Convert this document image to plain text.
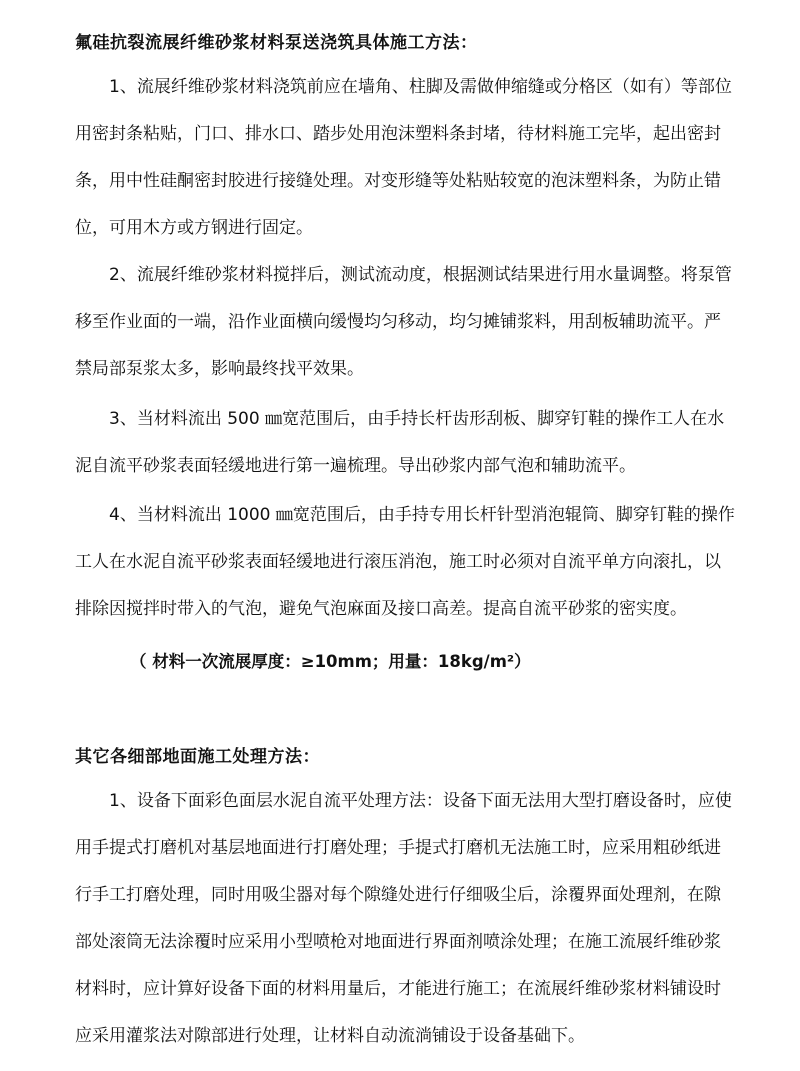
氟硅抗裂流展纤维砂浆材料泵送浇筑具体施工方法：
1、流展纤维砂浆材料浇筑前应在墙角、柱脚及需做伸缩缝或分格区（如有）等部位
用密封条粘贴，门口、排水口、踏步处用泡沫塑料条封堵，待材料施工完毕，起出密封
条，用中性硅酮密封胶进行接缝处理。对变形缝等处粘贴较宽的泡沫塑料条，为防止错
位，可用木方或方钢进行固定。
2、流展纤维砂浆材料搅拌后，测试流动度，根据测试结果进行用水量调整。将泵管
移至作业面的一端，沿作业面横向缓慢均匀移动，均匀摊铺浆料，用刮板辅助流平。严
禁局部泵浆太多，影响最终找平效果。
3、当材料流出 500 ㎜宽范围后，由手持长杆齿形刮板、脚穿钉鞋的操作工人在水
泥自流平砂浆表面轻缓地进行第一遍梳理。导出砂浆内部气泡和辅助流平。
4、当材料流出 1000 ㎜宽范围后，由手持专用长杆针型消泡辊筒、脚穿钉鞋的操作
工人在水泥自流平砂浆表面轻缓地进行滚压消泡，施工时必须对自流平单方向滚扎，以
排除因搅拌时带入的气泡，避免气泡麻面及接口高差。提高自流平砂浆的密实度。
（ 材料一次流展厚度：≥10mm；用量：18kg/m²）
其它各细部地面施工处理方法：
1、设备下面彩色面层水泥自流平处理方法：设备下面无法用大型打磨设备时，应使
用手提式打磨机对基层地面进行打磨处理；手提式打磨机无法施工时，应采用粗砂纸进
行手工打磨处理，同时用吸尘器对每个隙缝处进行仔细吸尘后，涂覆界面处理剂，在隙
部处滚筒无法涂覆时应采用小型喷枪对地面进行界面剂喷涂处理；在施工流展纤维砂浆
材料时，应计算好设备下面的材料用量后，才能进行施工；在流展纤维砂浆材料铺设时
应采用灌浆法对隙部进行处理，让材料自动流淌铺设于设备基础下。
